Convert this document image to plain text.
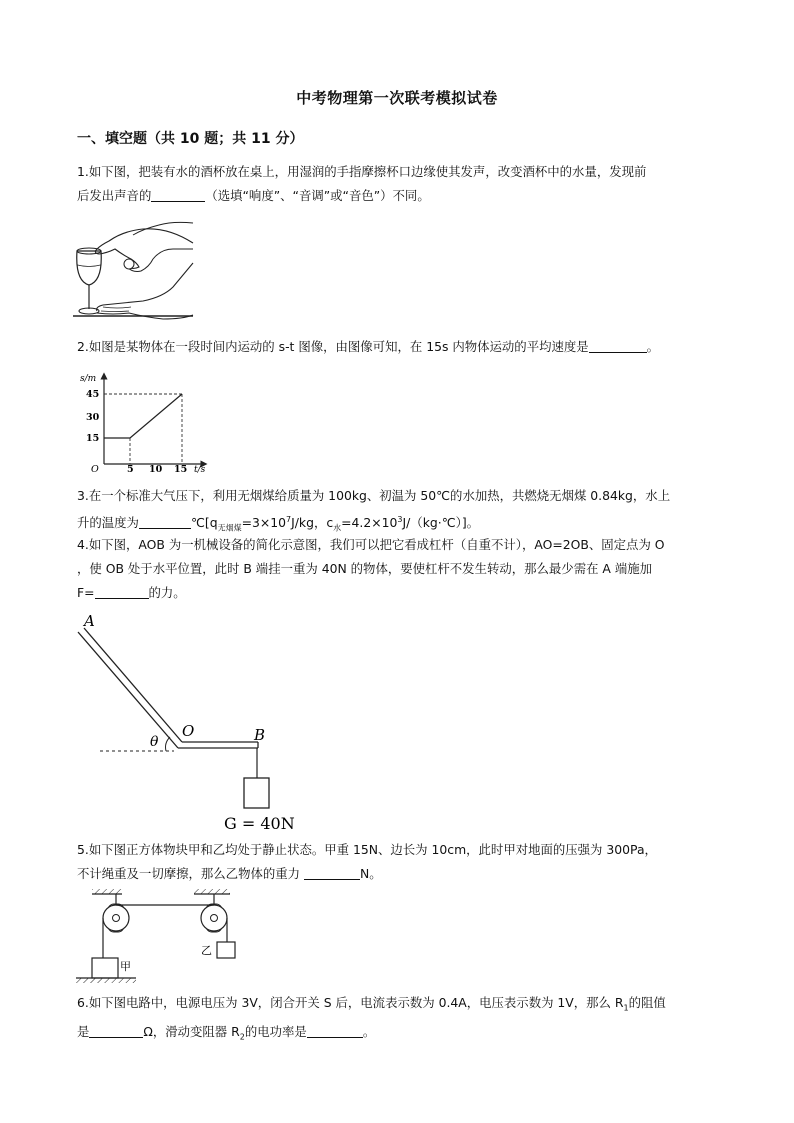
中考物理第一次联考模拟试卷
一、填空题（共 10 题；共 11 分）
1.如下图，把装有水的酒杯放在桌上，用湿润的手指摩擦杯口边缘使其发声，改变酒杯中的水量，发现前
后发出声音的	（选填“响度”、“音调”或“音色”）不同。
2.如图是某物体在一段时间内运动的 s-t 图像，由图像可知，在 15s 内物体运动的平均速度是	。
s/m
t/s
O
45
30
15
5 10 15
3.在一个标准大气压下，利用无烟煤给质量为 100kg、初温为 50℃的水加热，共燃烧无烟煤 0.84kg，水上
升的温度为	$℃[q_{无烟煤}=3\times 10^7J/kg$，$c_水=4.2\times 10^3J/(kg\cdot℃)$]。
4.如下图，AOB 为一机械设备的简化示意图，我们可以把它看成杠杆（自重不计），AO=2OB、固定点为 O
，使 OB 处于水平位置，此时 B 端挂一重为 40N 的物体，要使杠杆不发生转动，那么最少需在 A 端施加
F=	的力。
A
O	B
θ
G = 40N
5.如下图正方体物块甲和乙均处于静止状态。甲重 15N、边长为 10cm，此时甲对地面的压强为 300Pa，
不计绳重及一切摩擦，那么乙物体的重力	N。
甲
乙
6.如下图电路中，电源电压为 3V，闭合开关 S 后，电流表示数为 0.4A，电压表示数为 1V，那么 $R_1$的阻值
是	Ω，滑动变阻器 $R_2$的电功率是	。
